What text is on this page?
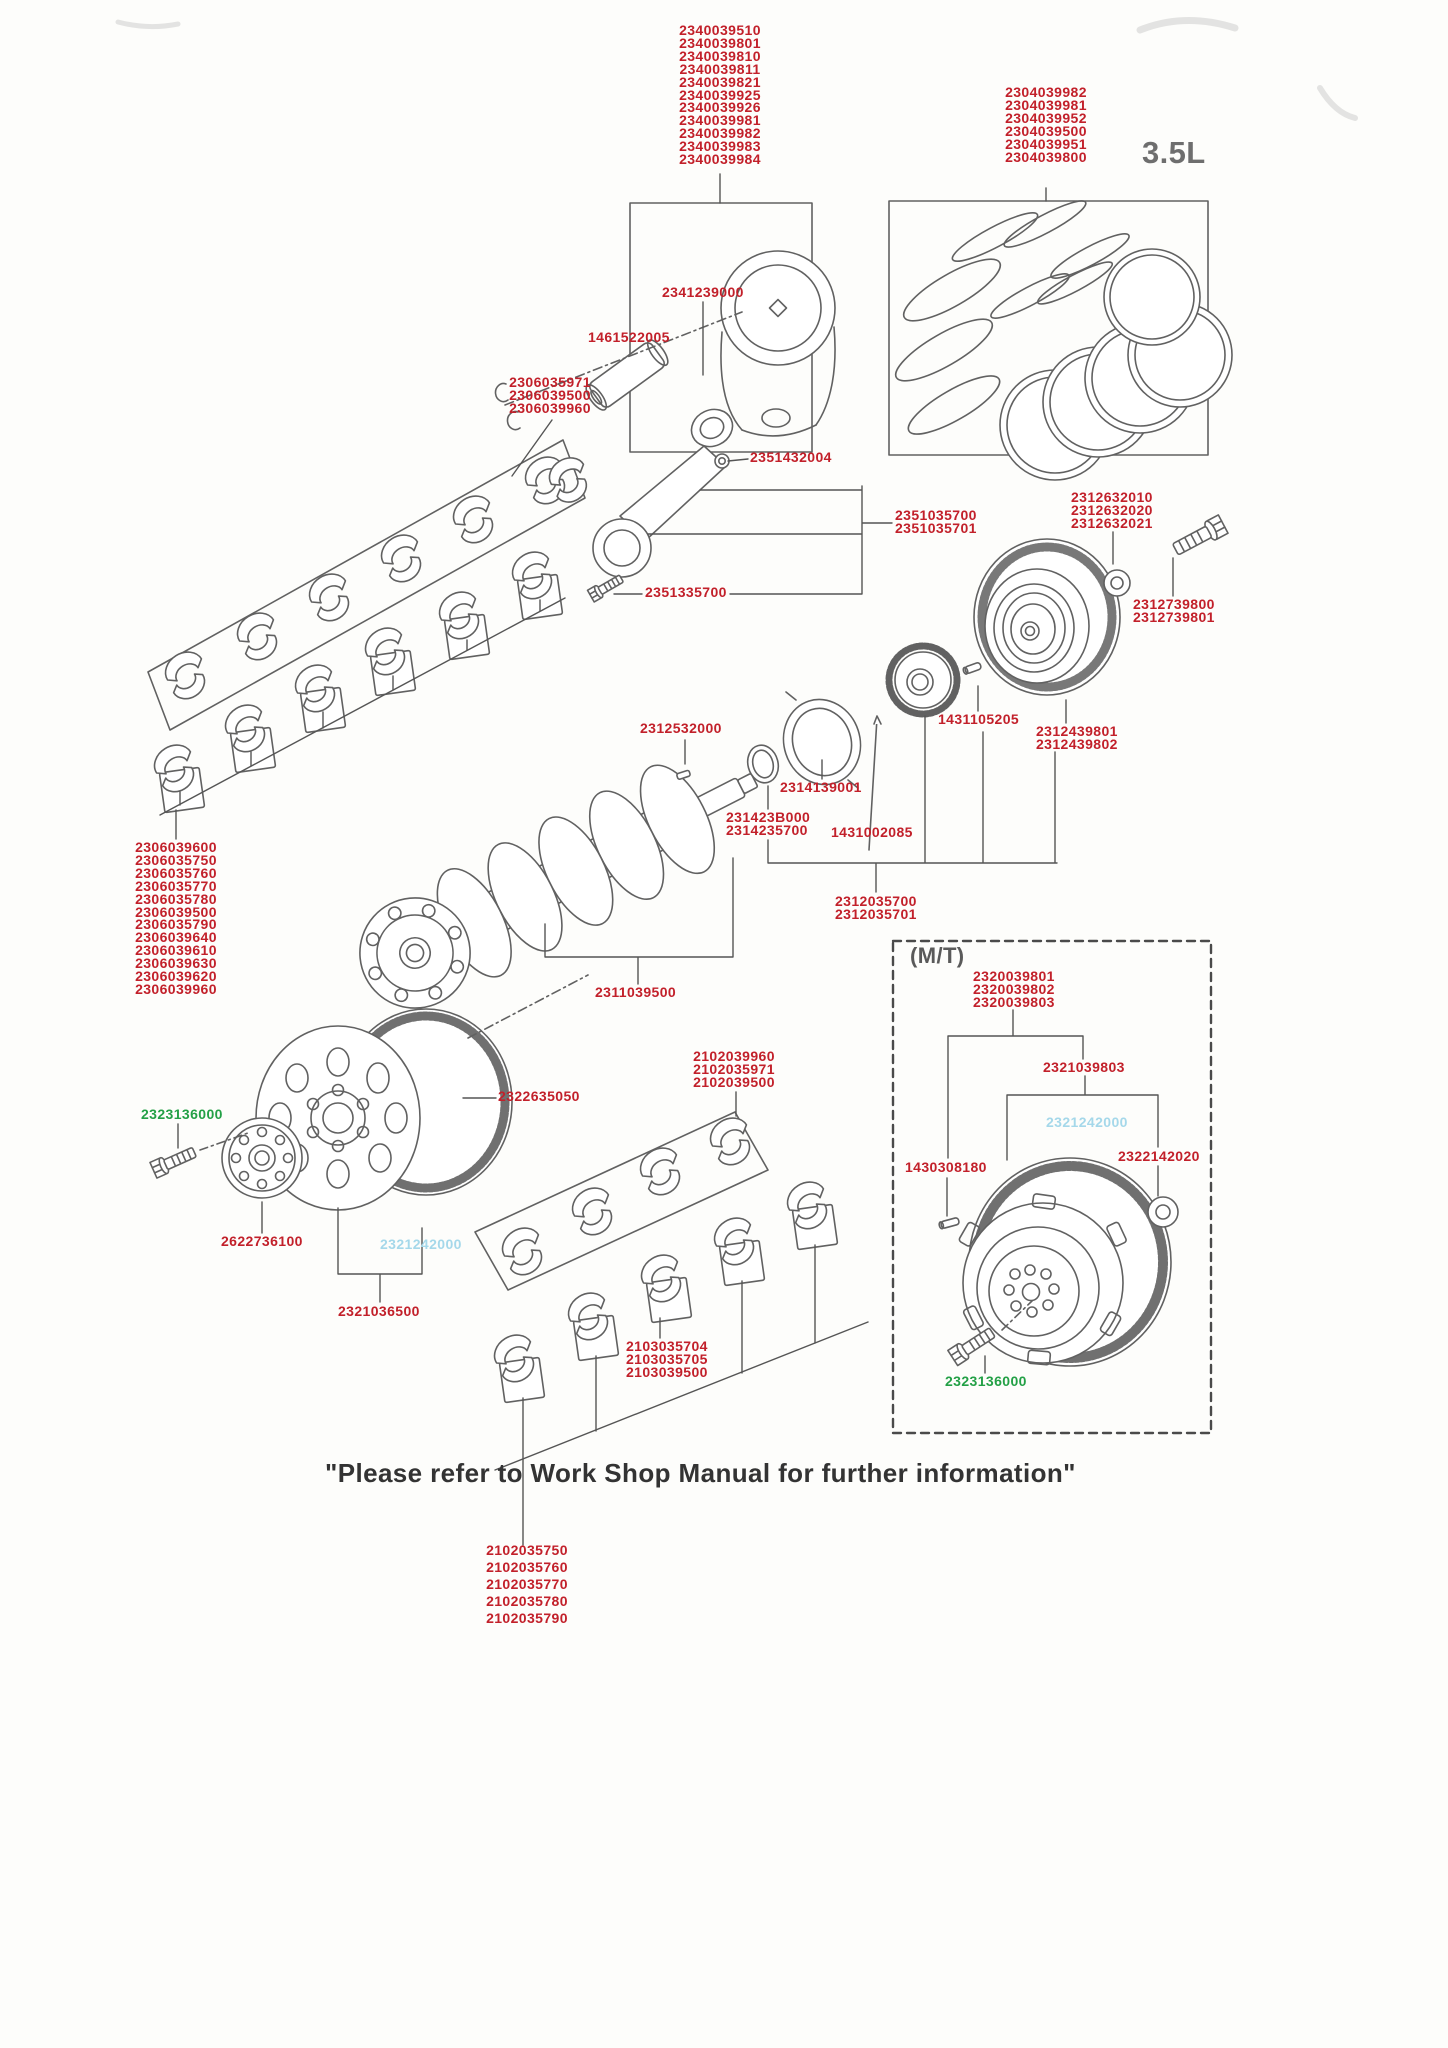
2340039510
2340039801
2340039810
2340039811
2340039821
2340039925
2340039926
2340039981
2340039982
2340039983
2340039984
2304039982
2304039981
2304039952
2304039500
2304039951
2304039800 3.5L
2341239000
1461522005
2306035971
2306039500
2306039960
2351432004
2351035700
2351035701
2351335700
2312632010
2312632020
2312632021
2312739800
2312739801
2312532000
1431105205
2312439801
2312439802
2314139001
231423B000
2314235700 1431002085
2312035700
2312035701
2306039600
2306035750
2306035760
2306035770
2306035780
2306039500
2306035790
2306039640
2306039610
2306039630
2306039620
2306039960	2311039500
2102039960
2102035971
2102039500
2322635050
2323136000
2622736100	2321242000
2321036500
(M/T)
2320039801
2320039802
2320039803
2321039803
2321242000
2322142020
1430308180
2103035704
2103035705
2103039500
2323136000
"Please refer to Work Shop Manual for further information"
2102035750
2102035760
2102035770
2102035780
2102035790
